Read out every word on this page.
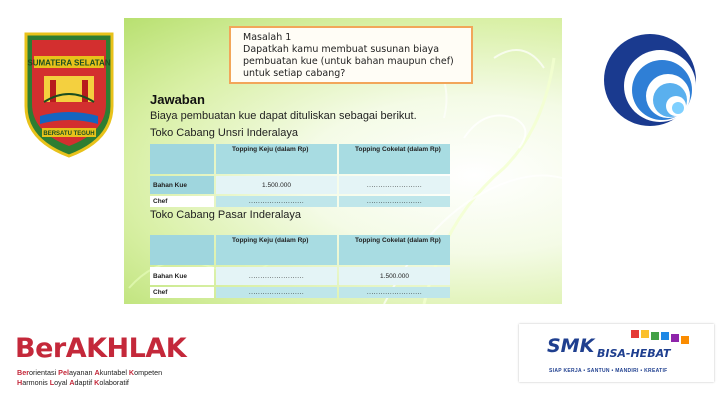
SUMATERA SELATAN
BERSATU TEGUH
Masalah 1
Dapatkah kamu membuat susunan biaya
pembuatan kue (untuk bahan maupun chef)
untuk setiap cabang?
Jawaban
Biaya pembuatan kue dapat dituliskan sebagai berikut.
Toko Cabang Unsri Inderalaya
	Topping Keju (dalam Rp)	Topping Cokelat (dalam Rp)
Bahan Kue	1.500.000	........................
Chef	........................	........................
Toko Cabang Pasar Inderalaya
	Topping Keju (dalam Rp)	Topping Cokelat (dalam Rp)
Bahan Kue	........................	1.500.000
Chef	........................	........................
BerAKHLAK
Berorientasi Pelayanan Akuntabel Kompeten
Harmonis Loyal Adaptif Kolaboratif
SMK BISA-HEBAT
SIAP KERJA • SANTUN • MANDIRI • KREATIF
